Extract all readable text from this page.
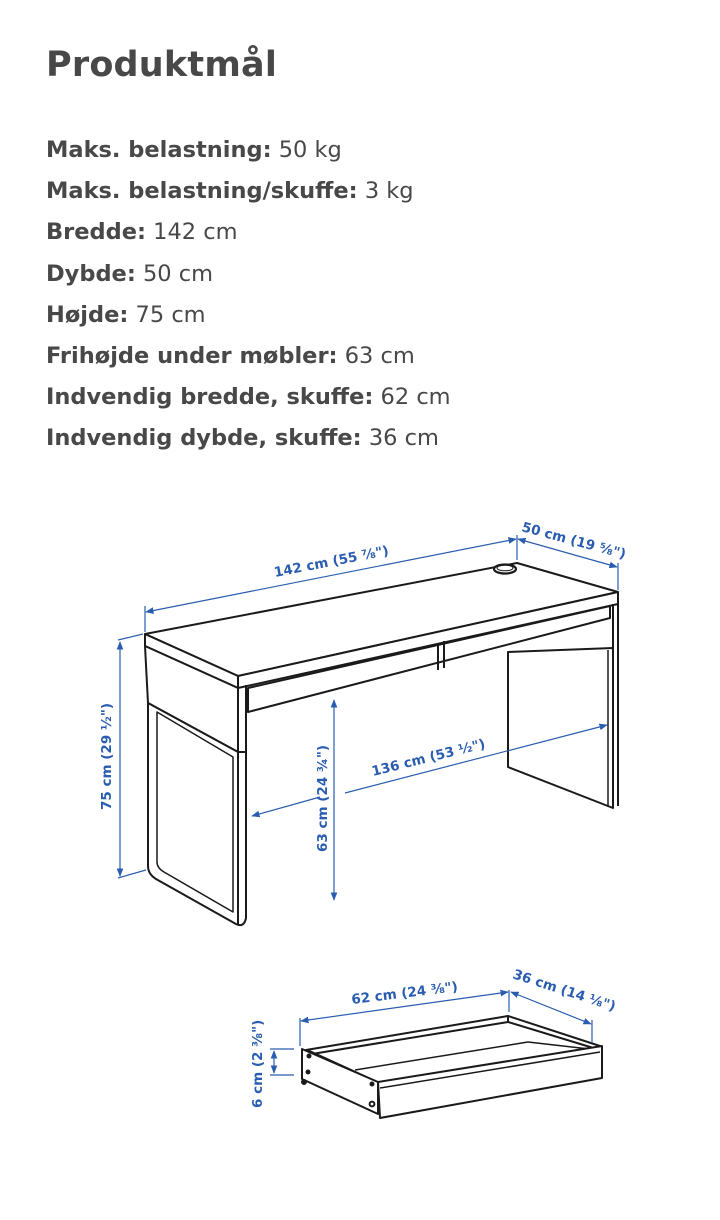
Produktmål
Maks. belastning: 50 kg
Maks. belastning/skuffe: 3 kg
Bredde: 142 cm
Dybde: 50 cm
Højde: 75 cm
Frihøjde under møbler: 63 cm
Indvendig bredde, skuffe: 62 cm
Indvendig dybde, skuffe: 36 cm
142 cm (55 ⅞")	50 cm (19 ⅝")
75 cm (29 ½")	63 cm (24 ¾")	136 cm (53 ½")
62 cm (24 ⅜")	36 cm (14 ⅛")
6 cm (2 ⅜")
